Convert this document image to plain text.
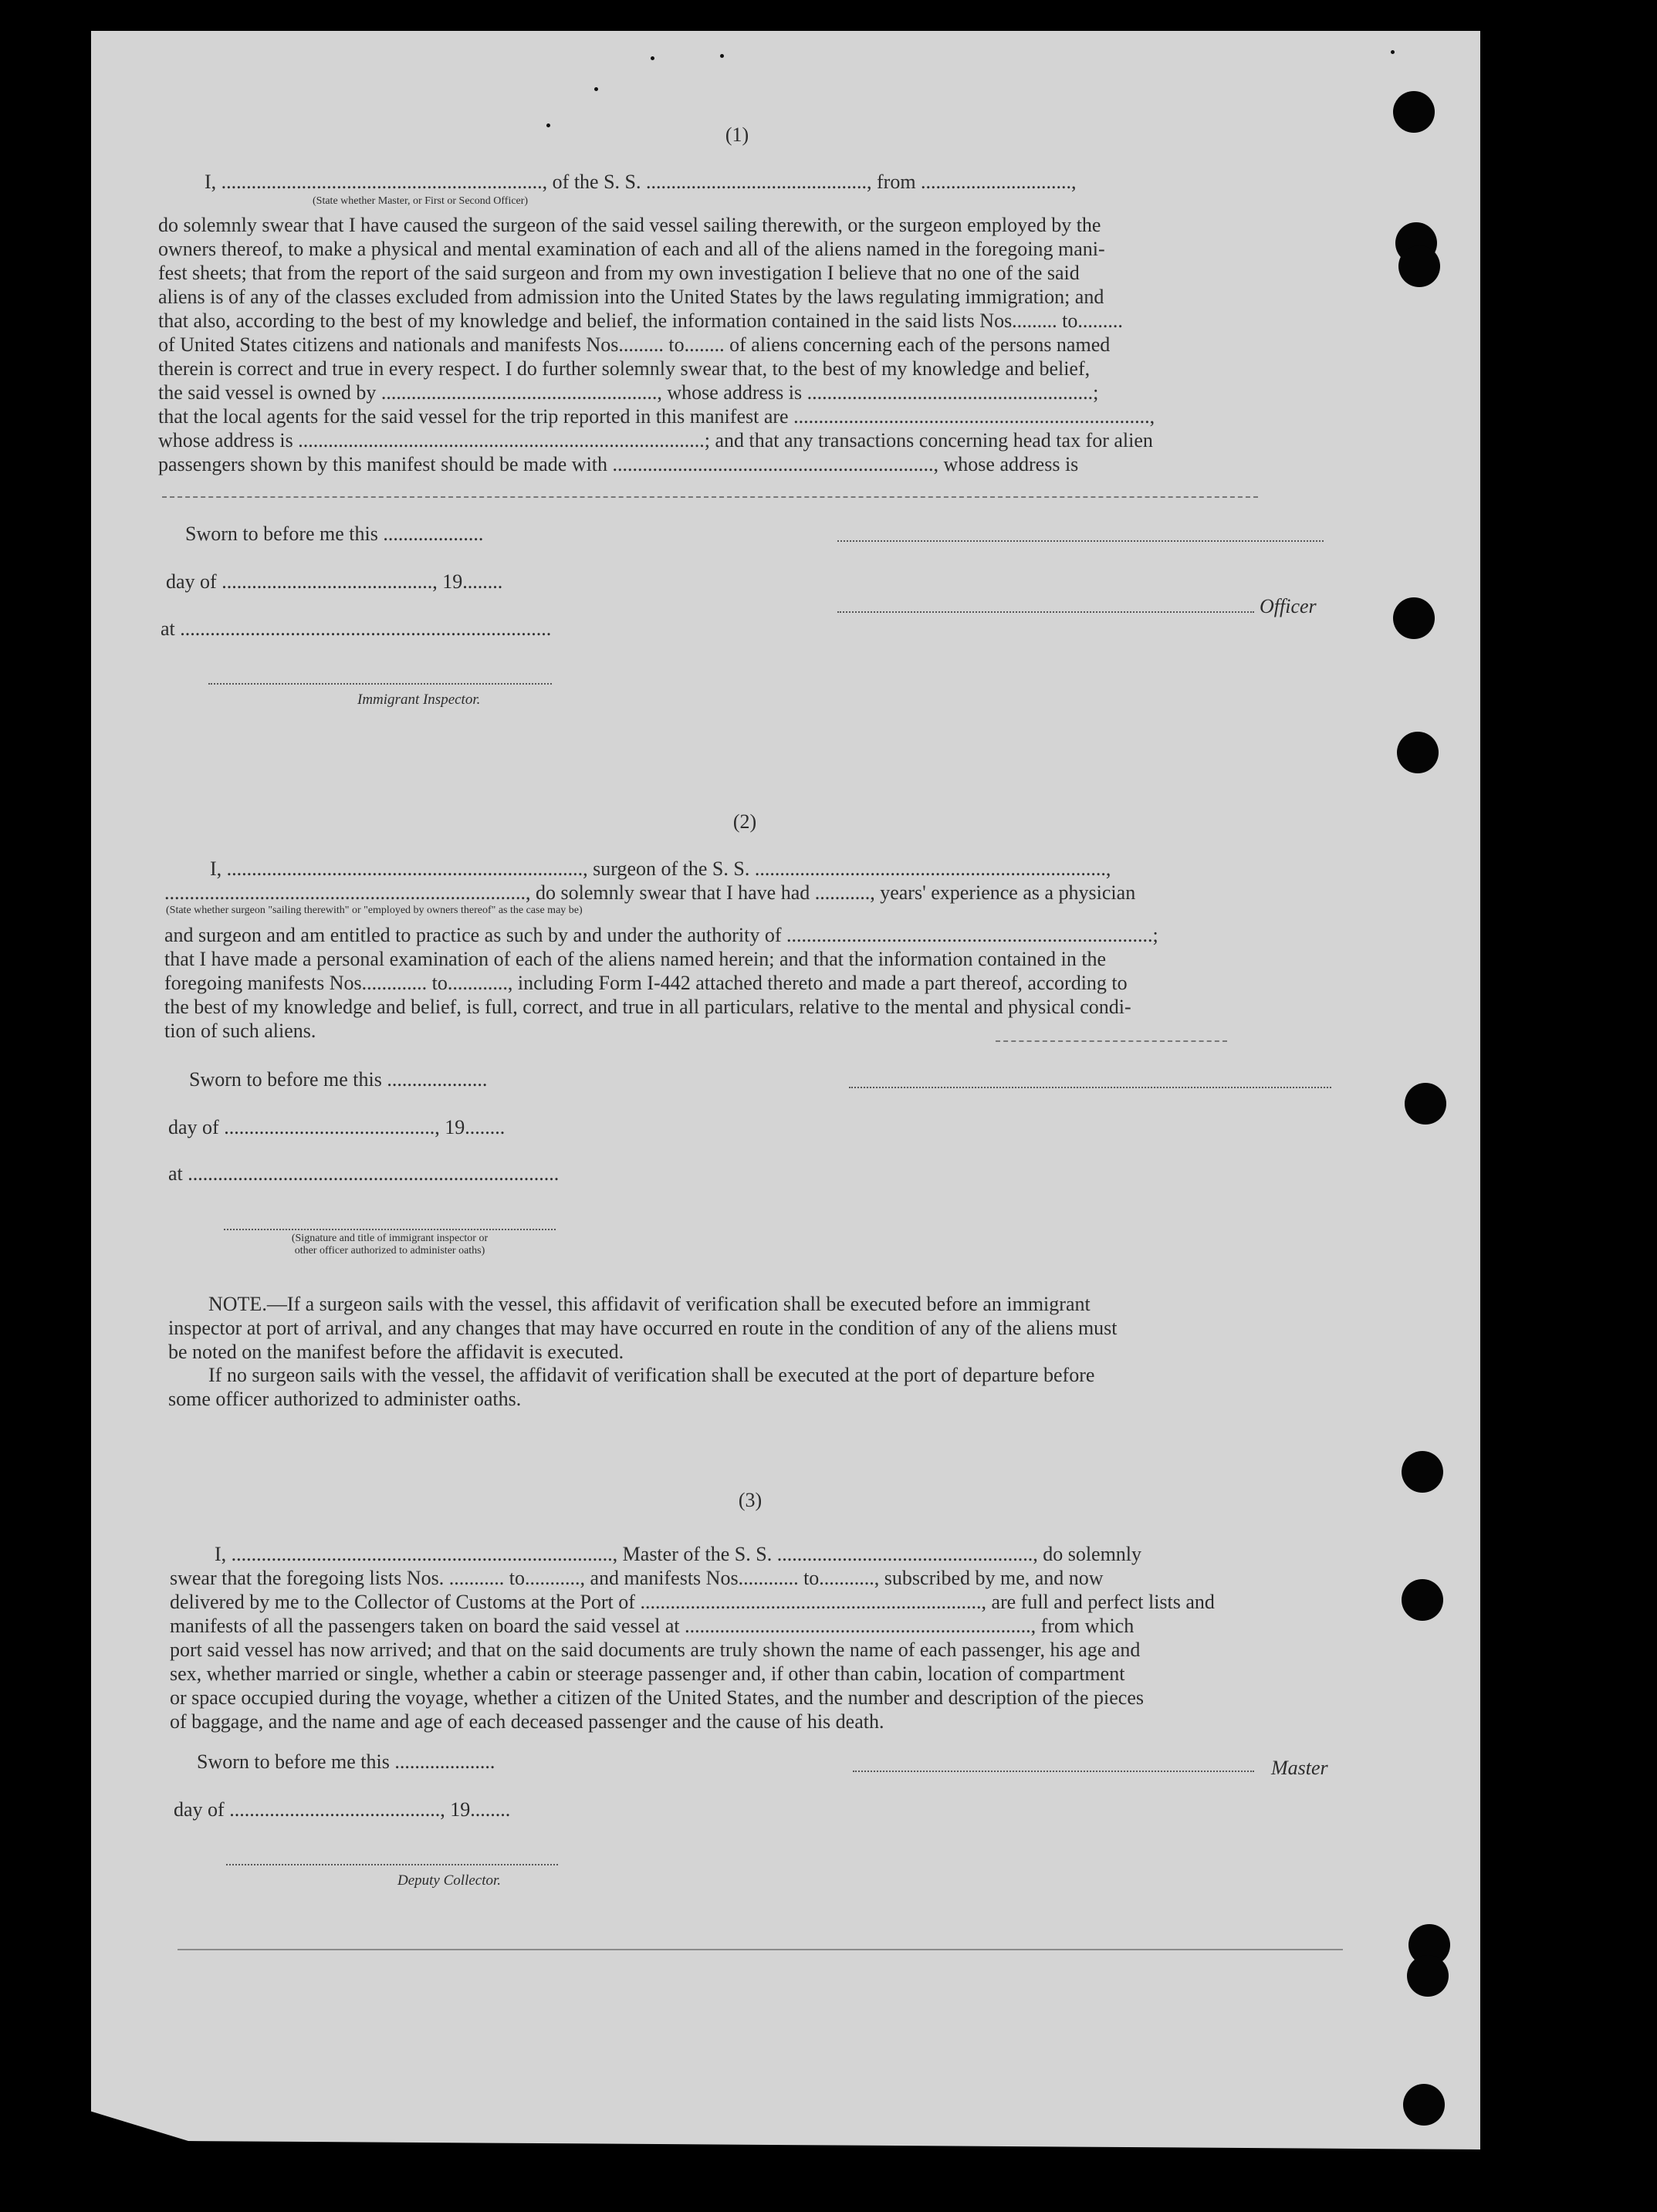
(1)
I, ................................................................, of the S. S. ............................................, from ..............................,
(State whether Master, or First or Second Officer)
do solemnly swear that I have caused the surgeon of the said vessel sailing therewith, or the surgeon employed by the
owners thereof, to make a physical and mental examination of each and all of the aliens named in the foregoing mani-
fest sheets; that from the report of the said surgeon and from my own investigation I believe that no one of the said
aliens is of any of the classes excluded from admission into the United States by the laws regulating immigration; and
that also, according to the best of my knowledge and belief, the information contained in the said lists Nos......... to.........
of United States citizens and nationals and manifests Nos......... to........ of aliens concerning each of the persons named
therein is correct and true in every respect. I do further solemnly swear that, to the best of my knowledge and belief,
the said vessel is owned by ......................................................., whose address is .........................................................;
that the local agents for the said vessel for the trip reported in this manifest are .......................................................................,
whose address is .................................................................................; and that any transactions concerning head tax for alien
passengers shown by this manifest should be made with ................................................................, whose address is
Sworn to before me this ....................
day of .........................................., 19........
Officer
at ..........................................................................
Immigrant Inspector.
(2)
I, ......................................................................., surgeon of the S. S. ......................................................................,
........................................................................, do solemnly swear that I have had ..........., years' experience as a physician
(State whether surgeon "sailing therewith" or "employed by owners thereof" as the case may be)
and surgeon and am entitled to practice as such by and under the authority of .........................................................................;
that I have made a personal examination of each of the aliens named herein; and that the information contained in the
foregoing manifests Nos............. to............, including Form I-442 attached thereto and made a part thereof, according to
the best of my knowledge and belief, is full, correct, and true in all particulars, relative to the mental and physical condi-
tion of such aliens.
Sworn to before me this ....................
day of .........................................., 19........
at ..........................................................................
(Signature and title of immigrant inspector or
other officer authorized to administer oaths)
NOTE.—If a surgeon sails with the vessel, this affidavit of verification shall be executed before an immigrant
inspector at port of arrival, and any changes that may have occurred en route in the condition of any of the aliens must
be noted on the manifest before the affidavit is executed.
If no surgeon sails with the vessel, the affidavit of verification shall be executed at the port of departure before
some officer authorized to administer oaths.
(3)
I, ............................................................................, Master of the S. S. ..................................................., do solemnly
swear that the foregoing lists Nos. ........... to..........., and manifests Nos............ to..........., subscribed by me, and now
delivered by me to the Collector of Customs at the Port of ...................................................................., are full and perfect lists and
manifests of all the passengers taken on board the said vessel at ....................................................................., from which
port said vessel has now arrived; and that on the said documents are truly shown the name of each passenger, his age and
sex, whether married or single, whether a cabin or steerage passenger and, if other than cabin, location of compartment
or space occupied during the voyage, whether a citizen of the United States, and the number and description of the pieces
of baggage, and the name and age of each deceased passenger and the cause of his death.
Sworn to before me this ....................	Master
day of .........................................., 19........
Deputy Collector.
